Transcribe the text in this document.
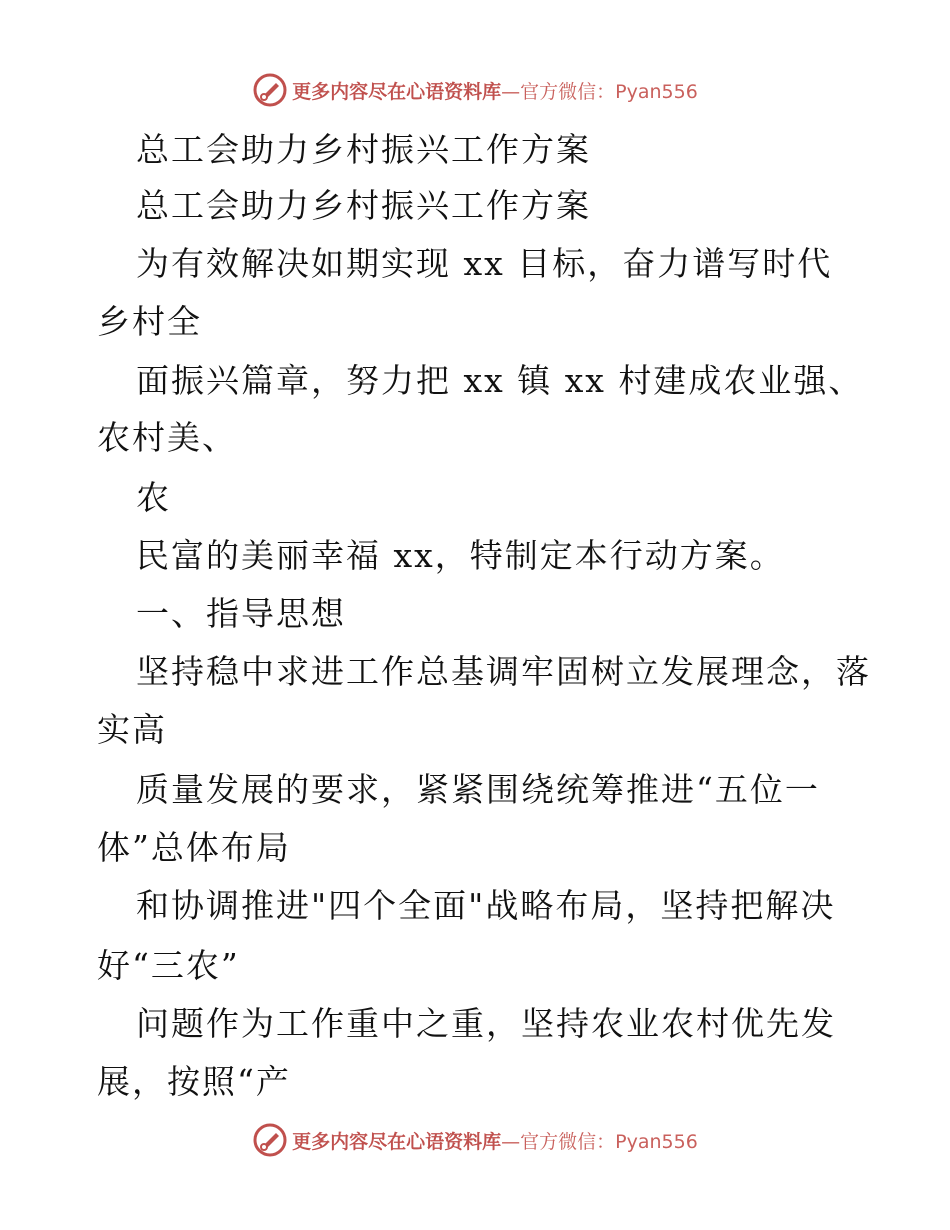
更多内容尽在心语资料库 —官方微信：Pyan556
总工会助力乡村振兴工作方案
总工会助力乡村振兴工作方案
为有效解决如期实现 xx 目标，奋力谱写时代
乡村全
面振兴篇章，努力把 xx 镇 xx 村建成农业强、
农村美、
农
民富的美丽幸福 xx，特制定本行动方案。
一、指导思想
坚持稳中求进工作总基调牢固树立发展理念，落
实高
质量发展的要求，紧紧围绕统筹推进“五位一
体”总体布局
和协调推进"四个全面"战略布局，坚持把解决
好“三农”
问题作为工作重中之重，坚持农业农村优先发
展，按照“产
更多内容尽在心语资料库 —官方微信：Pyan556
